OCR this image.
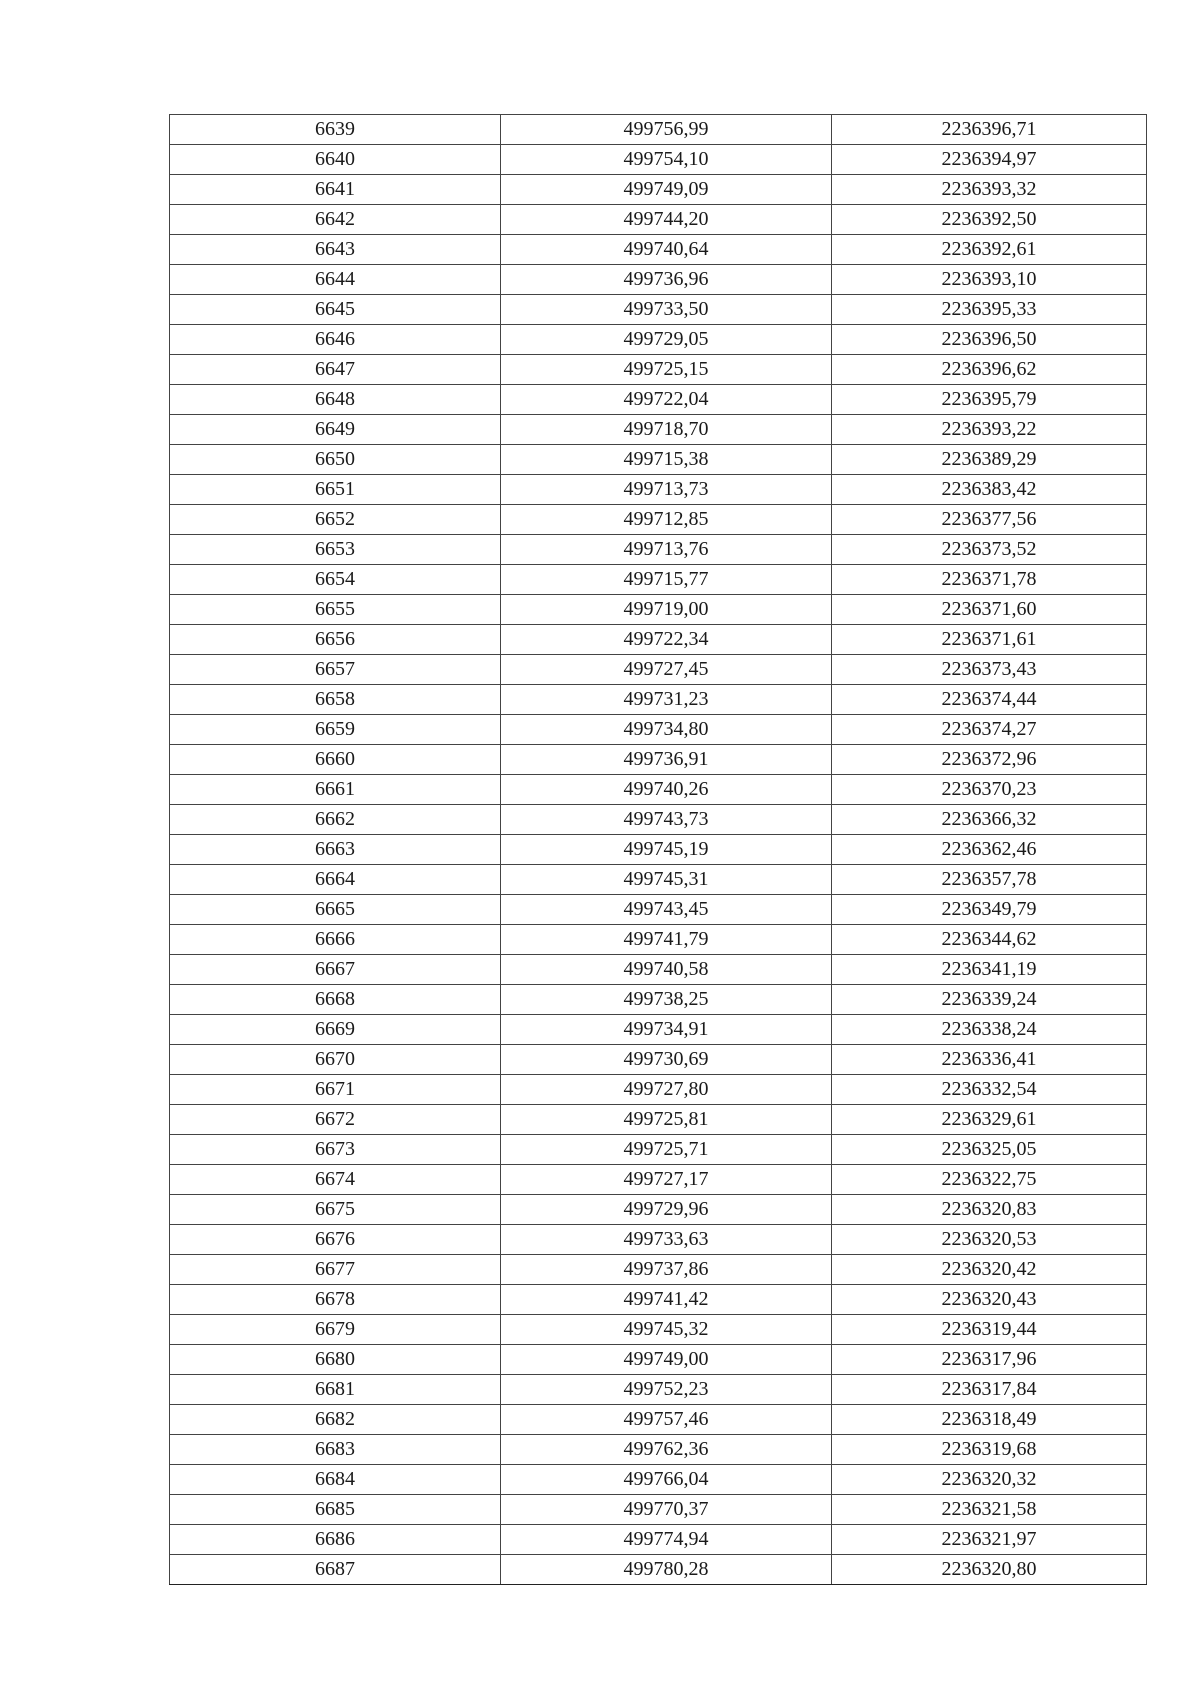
6639	499756,99	2236396,71
6640	499754,10	2236394,97
6641	499749,09	2236393,32
6642	499744,20	2236392,50
6643	499740,64	2236392,61
6644	499736,96	2236393,10
6645	499733,50	2236395,33
6646	499729,05	2236396,50
6647	499725,15	2236396,62
6648	499722,04	2236395,79
6649	499718,70	2236393,22
6650	499715,38	2236389,29
6651	499713,73	2236383,42
6652	499712,85	2236377,56
6653	499713,76	2236373,52
6654	499715,77	2236371,78
6655	499719,00	2236371,60
6656	499722,34	2236371,61
6657	499727,45	2236373,43
6658	499731,23	2236374,44
6659	499734,80	2236374,27
6660	499736,91	2236372,96
6661	499740,26	2236370,23
6662	499743,73	2236366,32
6663	499745,19	2236362,46
6664	499745,31	2236357,78
6665	499743,45	2236349,79
6666	499741,79	2236344,62
6667	499740,58	2236341,19
6668	499738,25	2236339,24
6669	499734,91	2236338,24
6670	499730,69	2236336,41
6671	499727,80	2236332,54
6672	499725,81	2236329,61
6673	499725,71	2236325,05
6674	499727,17	2236322,75
6675	499729,96	2236320,83
6676	499733,63	2236320,53
6677	499737,86	2236320,42
6678	499741,42	2236320,43
6679	499745,32	2236319,44
6680	499749,00	2236317,96
6681	499752,23	2236317,84
6682	499757,46	2236318,49
6683	499762,36	2236319,68
6684	499766,04	2236320,32
6685	499770,37	2236321,58
6686	499774,94	2236321,97
6687	499780,28	2236320,80
